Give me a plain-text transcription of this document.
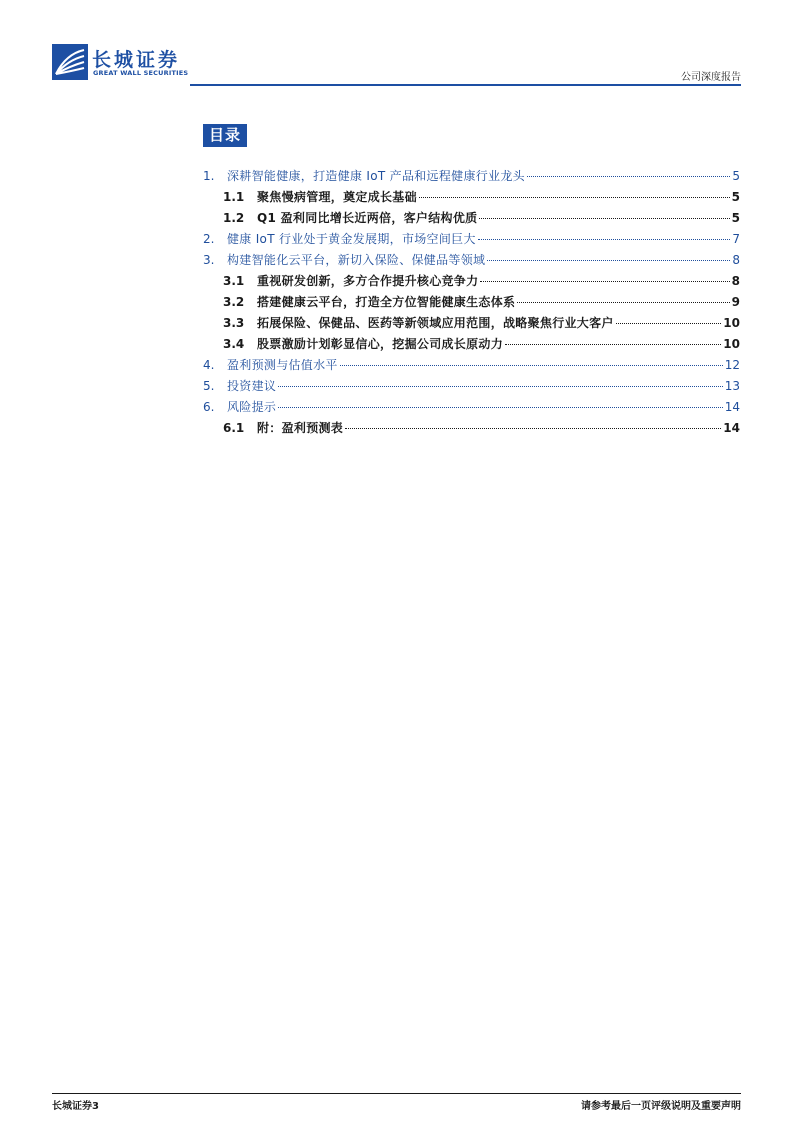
长城证券
GREAT WALL SECURITIES	公司深度报告
目录
1.	深耕智能健康，打造健康 IoT 产品和远程健康行业龙头	5
1.1	聚焦慢病管理，奠定成长基础	5
1.2	Q1 盈利同比增长近两倍，客户结构优质	5
2.	健康 IoT 行业处于黄金发展期，市场空间巨大	7
3.	构建智能化云平台，新切入保险、保健品等领域	8
3.1	重视研发创新，多方合作提升核心竞争力	8
3.2	搭建健康云平台，打造全方位智能健康生态体系	9
3.3	拓展保险、保健品、医药等新领域应用范围，战略聚焦行业大客户	10
3.4	股票激励计划彰显信心，挖掘公司成长原动力	10
4.	盈利预测与估值水平	12
5.	投资建议	13
6.	风险提示	14
6.1	附：盈利预测表	14
长城证券3	请参考最后一页评级说明及重要声明
